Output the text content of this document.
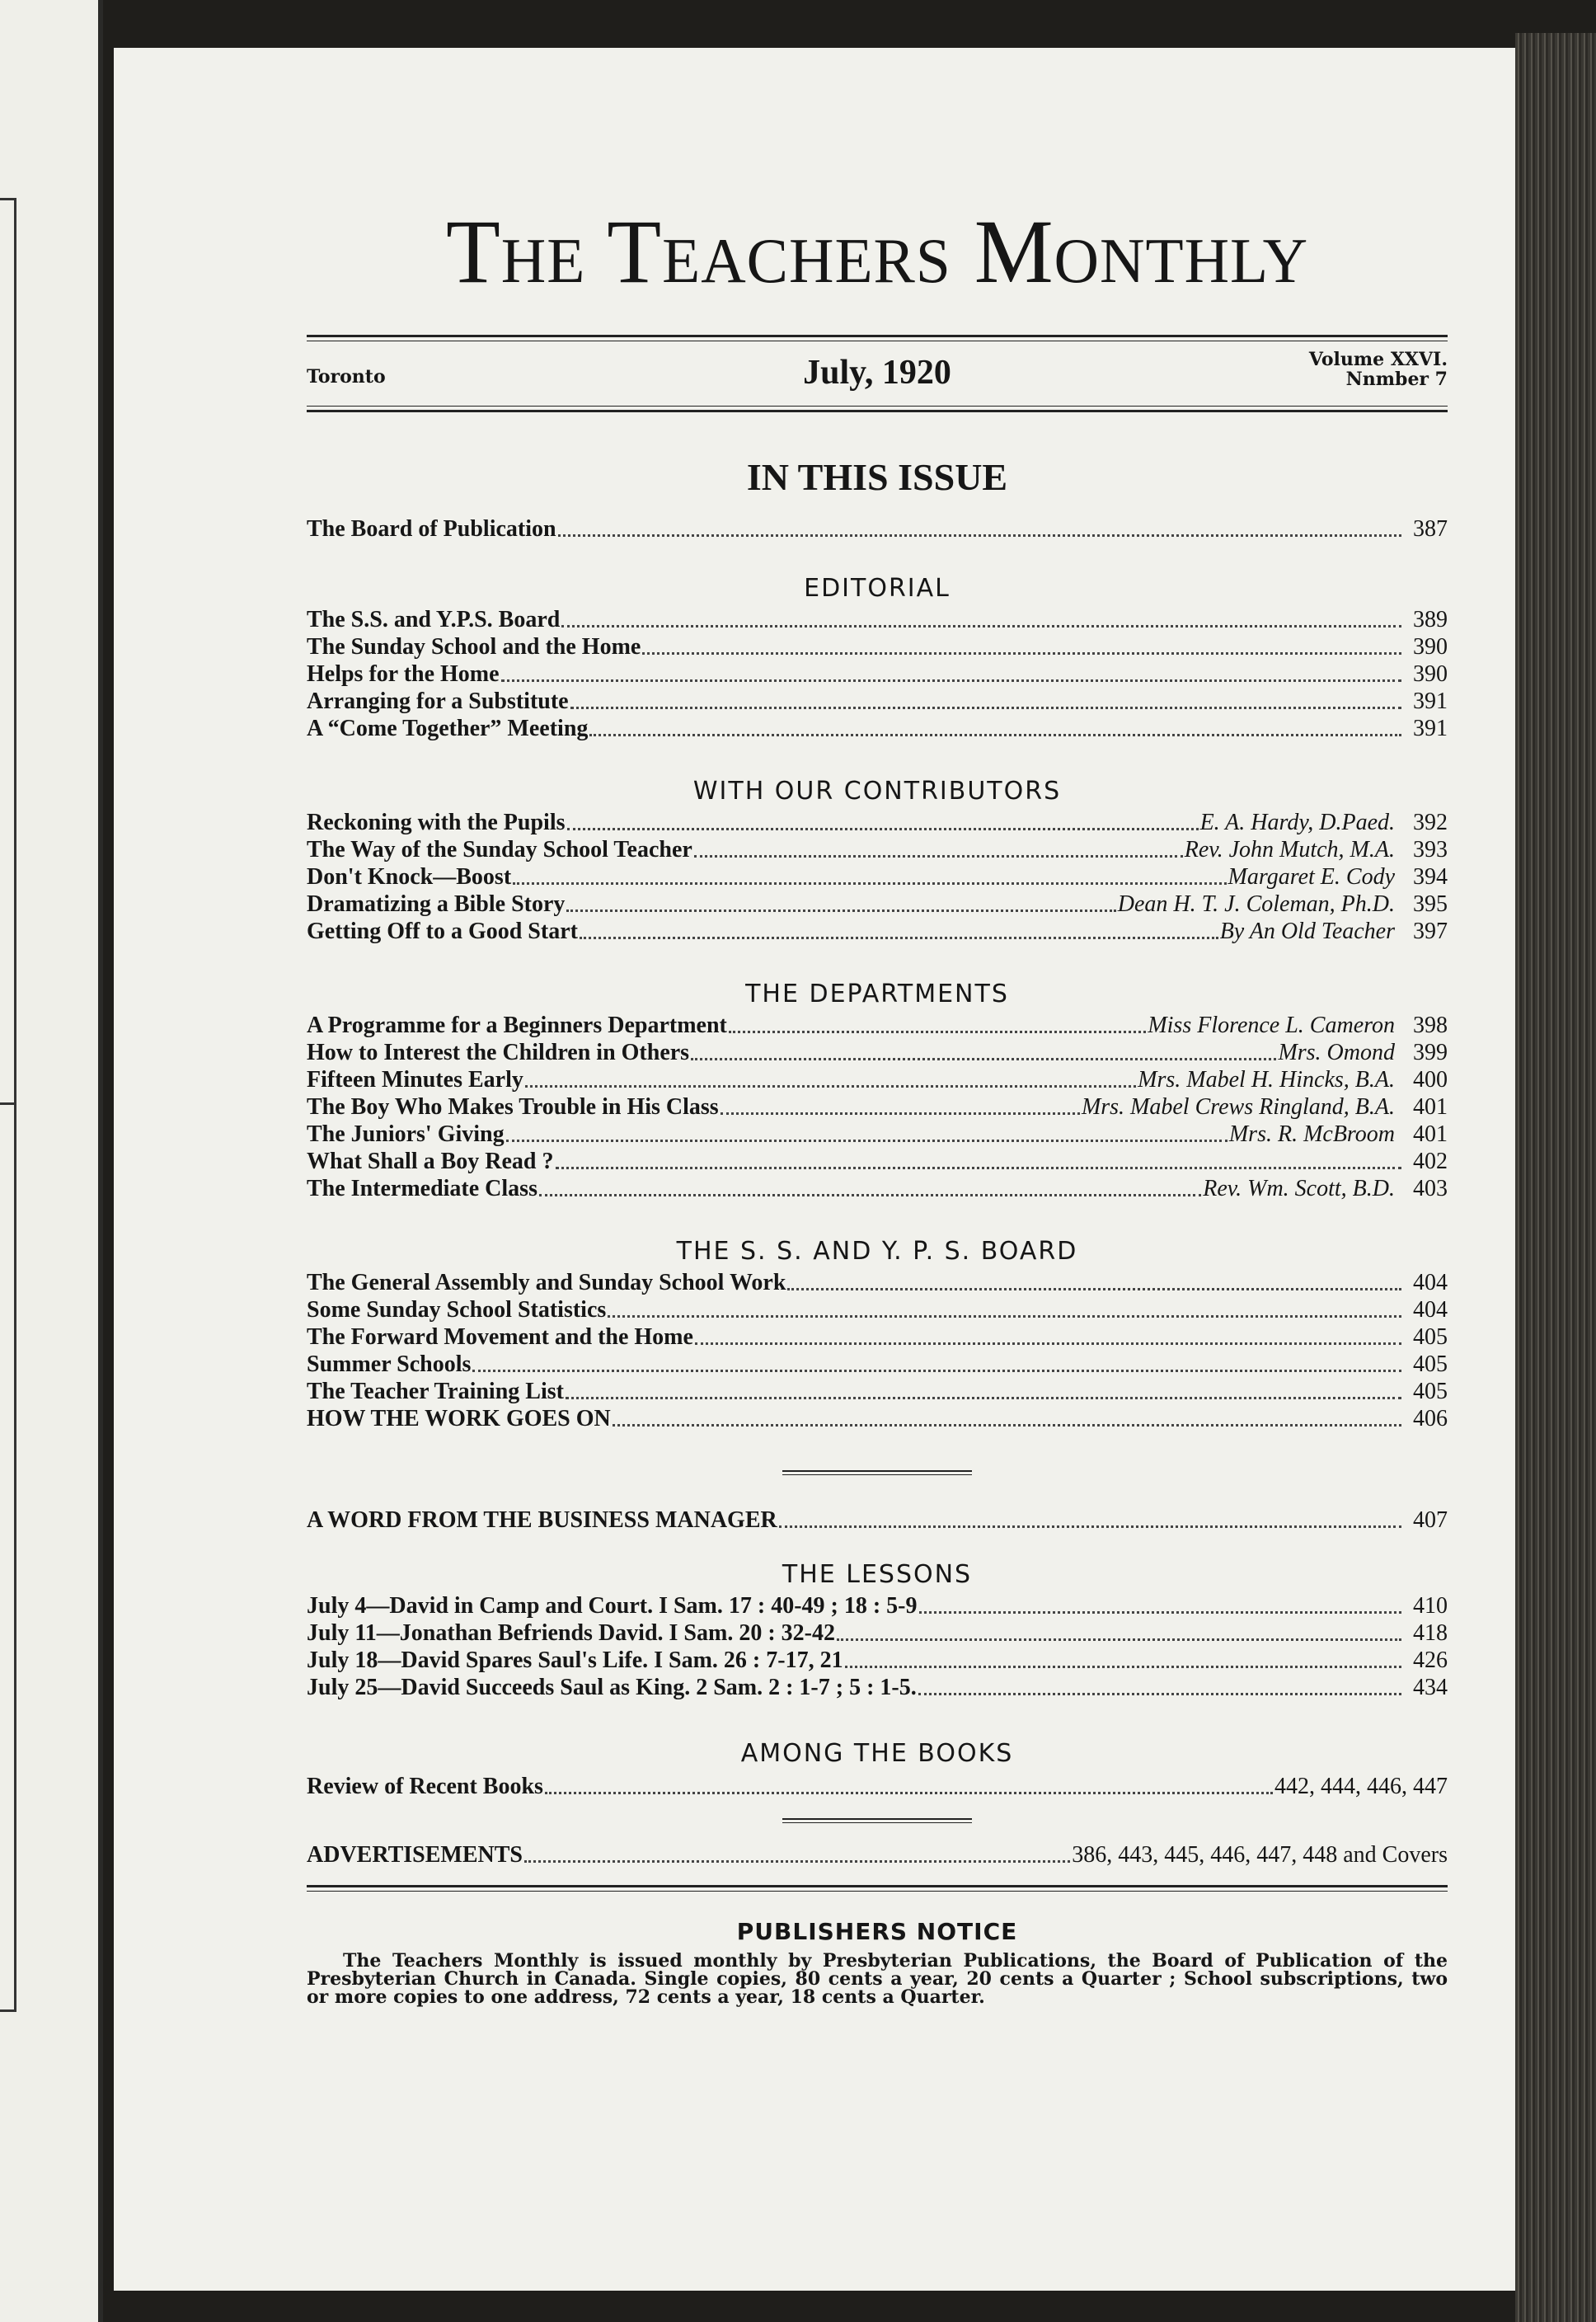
The Teachers Monthly
Toronto	July, 1920	Volume XXVI.
Nnmber 7
IN THIS ISSUE
The Board of Publication	387
EDITORIAL
The S.S. and Y.P.S. Board	389
The Sunday School and the Home	390
Helps for the Home	390
Arranging for a Substitute	391
A “Come Together” Meeting	391
WITH OUR CONTRIBUTORS
Reckoning with the Pupils	E. A. Hardy, D.Paed. 392
The Way of the Sunday School Teacher	Rev. John Mutch, M.A. 393
Don't Knock—Boost	Margaret E. Cody 394
Dramatizing a Bible Story	Dean H. T. J. Coleman, Ph.D. 395
Getting Off to a Good Start	By An Old Teacher 397
THE DEPARTMENTS
A Programme for a Beginners Department	Miss Florence L. Cameron 398
How to Interest the Children in Others	Mrs. Omond 399
Fifteen Minutes Early	Mrs. Mabel H. Hincks, B.A. 400
The Boy Who Makes Trouble in His Class	Mrs. Mabel Crews Ringland, B.A. 401
The Juniors' Giving	Mrs. R. McBroom 401
What Shall a Boy Read ?	402
The Intermediate Class	Rev. Wm. Scott, B.D. 403
THE S. S. AND Y. P. S. BOARD
The General Assembly and Sunday School Work	404
Some Sunday School Statistics	404
The Forward Movement and the Home	405
Summer Schools	405
The Teacher Training List	405
HOW THE WORK GOES ON	406
A WORD FROM THE BUSINESS MANAGER	407
THE LESSONS
July 4—David in Camp and Court. I Sam. 17 : 40-49 ; 18 : 5-9	410
July 11—Jonathan Befriends David. I Sam. 20 : 32-42	418
July 18—David Spares Saul's Life. I Sam. 26 : 7-17, 21	426
July 25—David Succeeds Saul as King. 2 Sam. 2 : 1-7 ; 5 : 1-5.	434
AMONG THE BOOKS
Review of Recent Books	442, 444, 446, 447
ADVERTISEMENTS	386, 443, 445, 446, 447, 448 and Covers
PUBLISHERS NOTICE

The Teachers Monthly is issued monthly by Presbyterian Publications, the Board of Publication of the Presbyterian Church in Canada. Single copies, 80 cents a year, 20 cents a Quarter ; School subscriptions, two or more copies to one address, 72 cents a year, 18 cents a Quarter.
